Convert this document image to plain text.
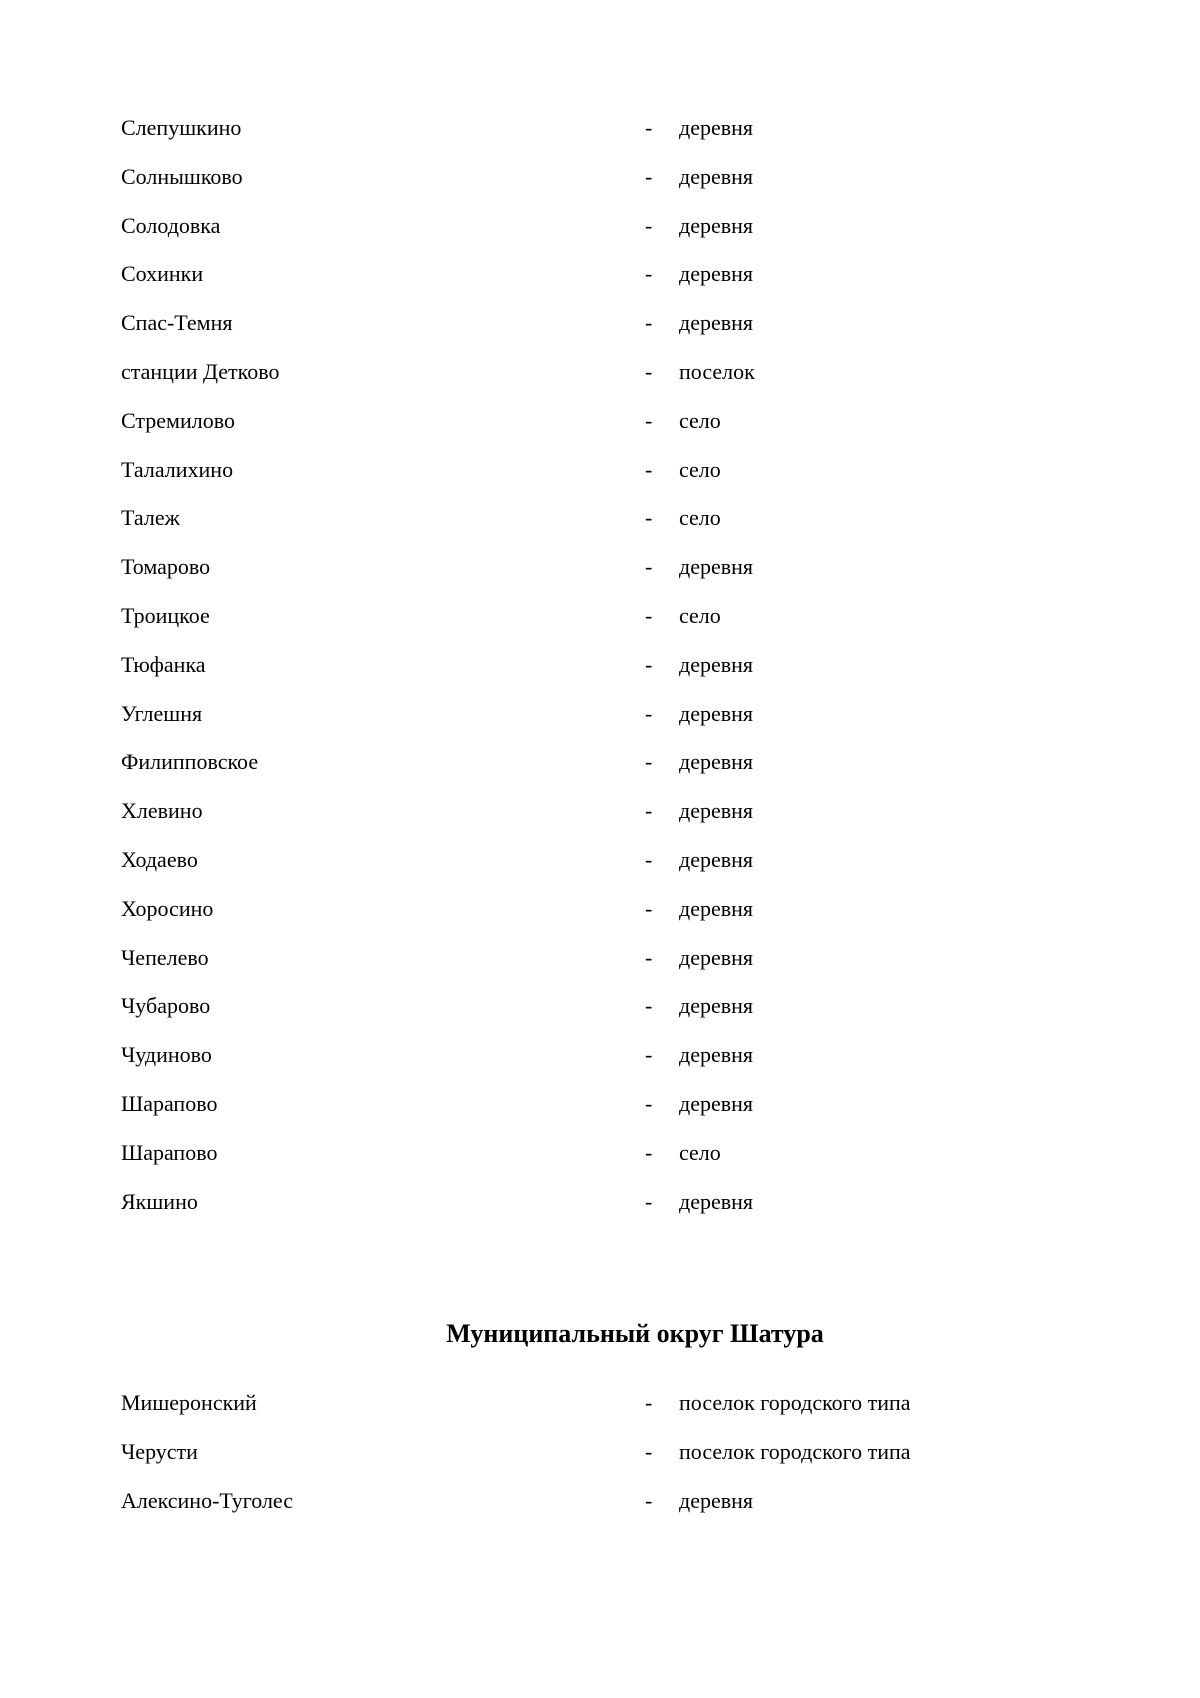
Слепушкино	- деревня
Солнышково	- деревня
Солодовка	- деревня
Сохинки	- деревня
Спас-Темня	- деревня
станции Детково	- поселок
Стремилово	- село
Талалихино	- село
Талеж	- село
Томарово	- деревня
Троицкое	- село
Тюфанка	- деревня
Углешня	- деревня
Филипповское	- деревня
Хлевино	- деревня
Ходаево	- деревня
Хоросино	- деревня
Чепелево	- деревня
Чубарово	- деревня
Чудиново	- деревня
Шарапово	- деревня
Шарапово	- село
Якшино	- деревня
Муниципальный округ Шатура
Мишеронский	- поселок городского типа
Черусти	- поселок городского типа
Алексино-Туголес	- деревня
